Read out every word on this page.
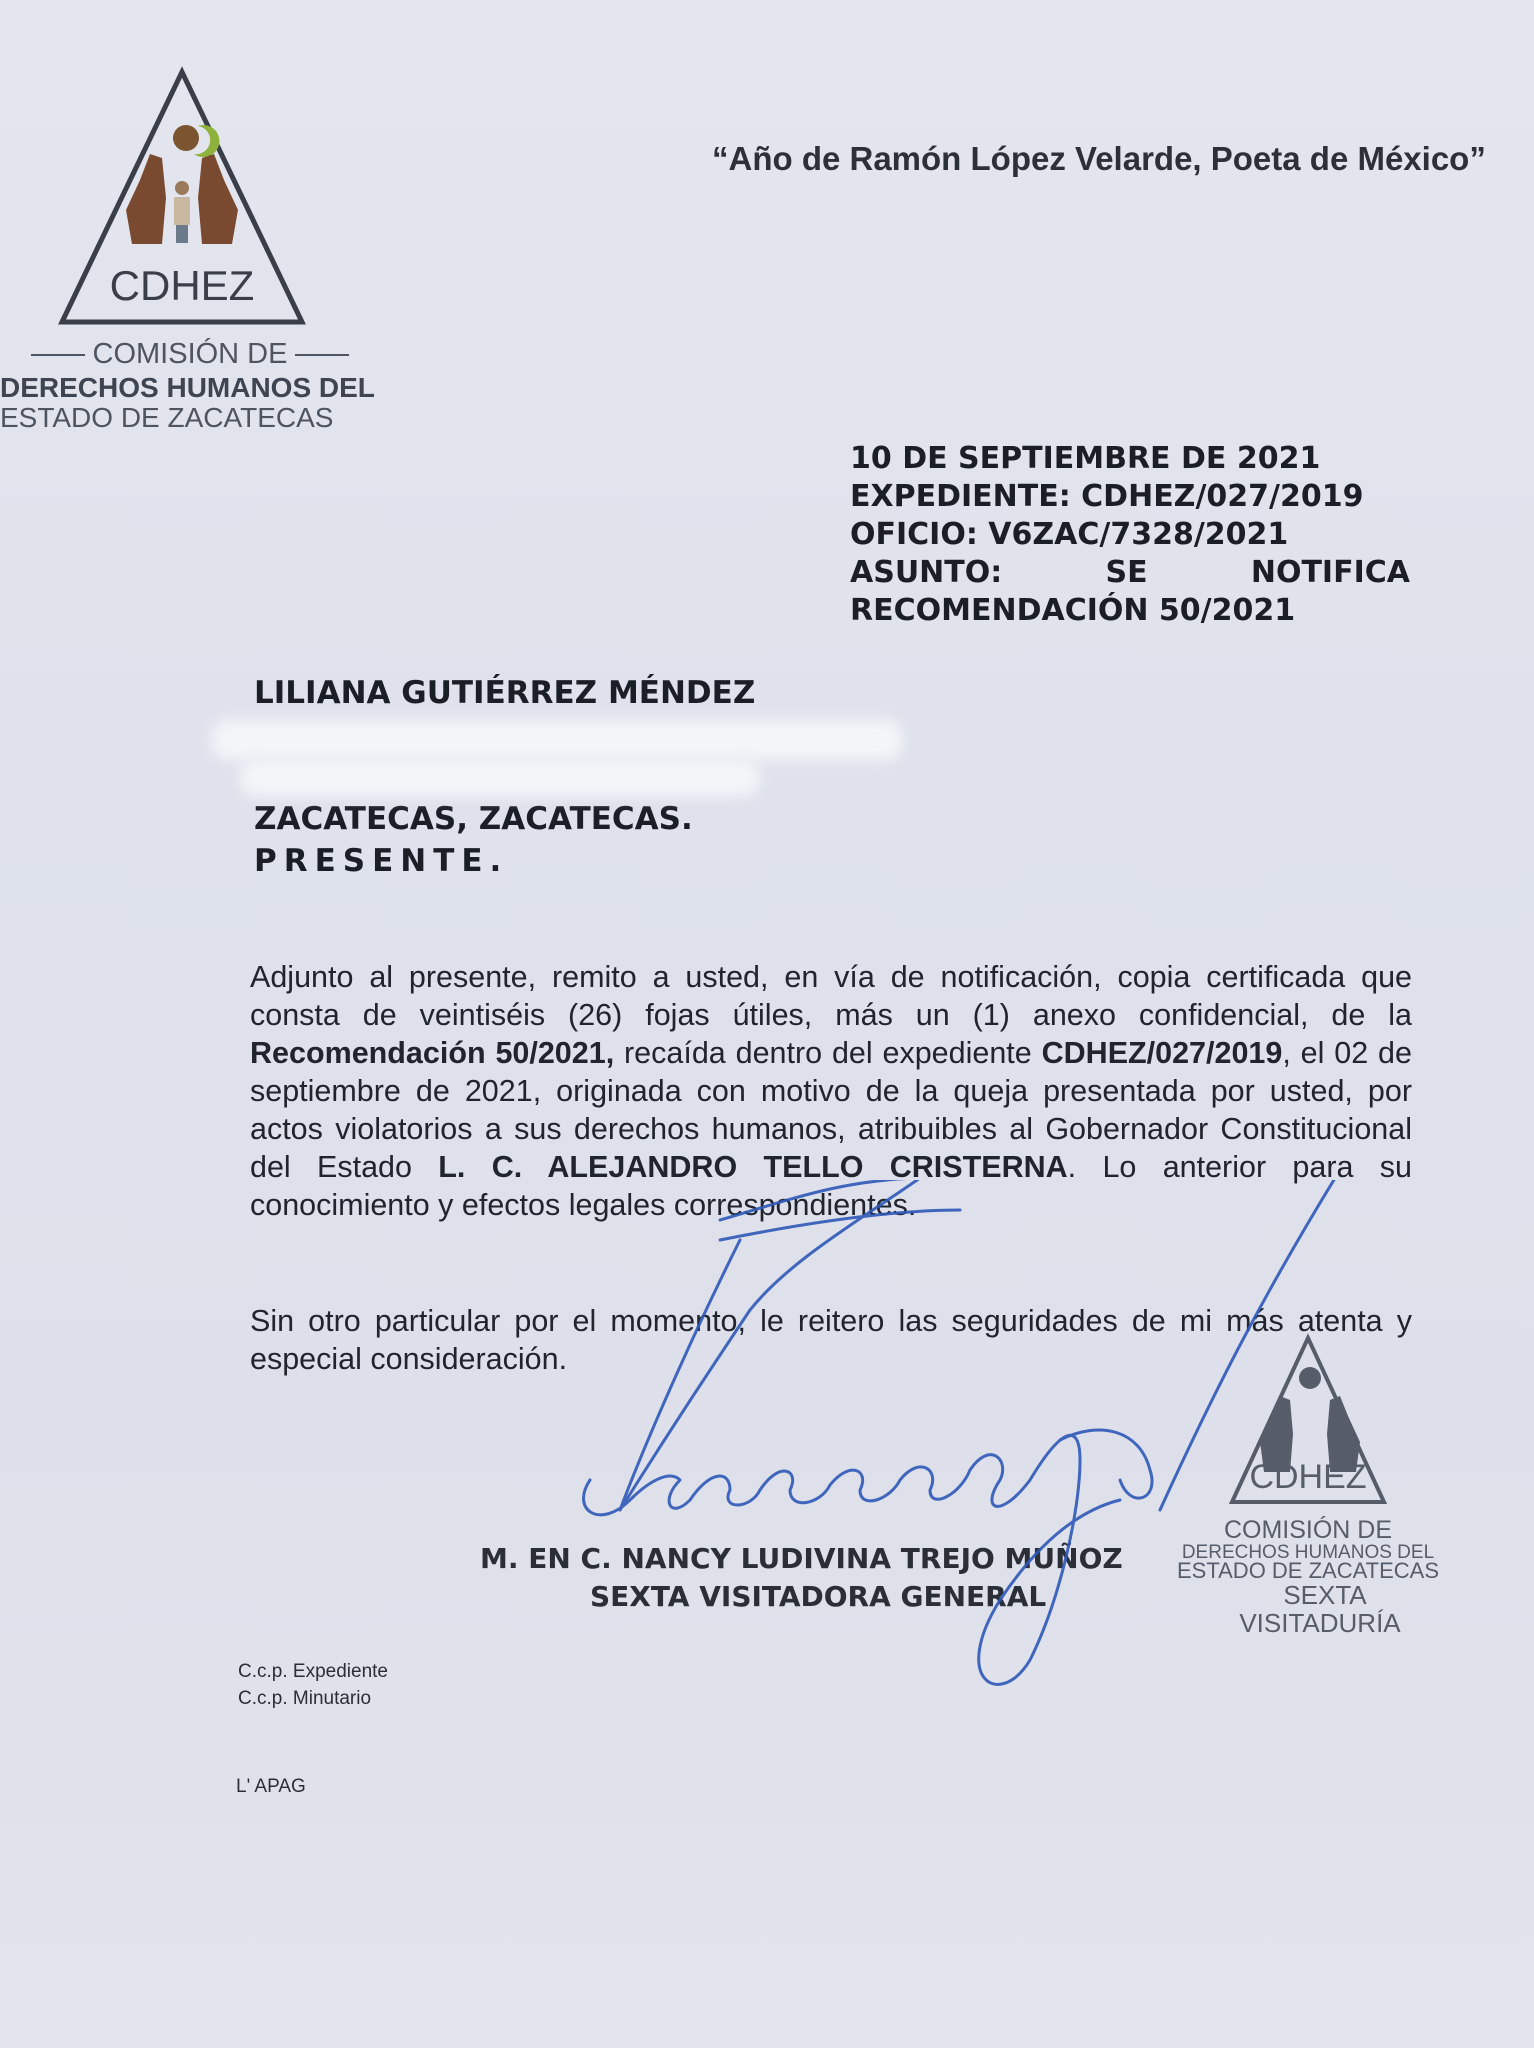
CDHEZ
COMISIÓN DE
DERECHOS HUMANOS DEL
ESTADO DE ZACATECAS
“Año de Ramón López Velarde, Poeta de México”
10 DE SEPTIEMBRE DE 2021
EXPEDIENTE: CDHEZ/027/2019
OFICIO: V6ZAC/7328/2021
ASUNTO:	SE	NOTIFICA
RECOMENDACIÓN 50/2021
LILIANA GUTIÉRREZ MÉNDEZ
ZACATECAS, ZACATECAS.
PRESENTE.
Adjunto al presente, remito a usted, en vía de notificación, copia certificada que consta de veintiséis (26) fojas útiles, más un (1) anexo confidencial, de la Recomendación 50/2021, recaída dentro del expediente CDHEZ/027/2019, el 02 de septiembre de 2021, originada con motivo de la queja presentada por usted, por actos violatorios a sus derechos humanos, atribuibles al Gobernador Constitucional del Estado L. C. ALEJANDRO TELLO CRISTERNA. Lo anterior para su conocimiento y efectos legales correspondientes.
Sin otro particular por el momento, le reitero las seguridades de mi más atenta y especial consideración.
CDHEZ
COMISIÓN DE
DERECHOS HUMANOS DEL
ESTADO DE ZACATECAS
SEXTA
VISITADURÍA
M. EN C. NANCY LUDIVINA TREJO MUÑOZ
SEXTA VISITADORA GENERAL
C.c.p. Expediente
C.c.p. Minutario
L' APAG
